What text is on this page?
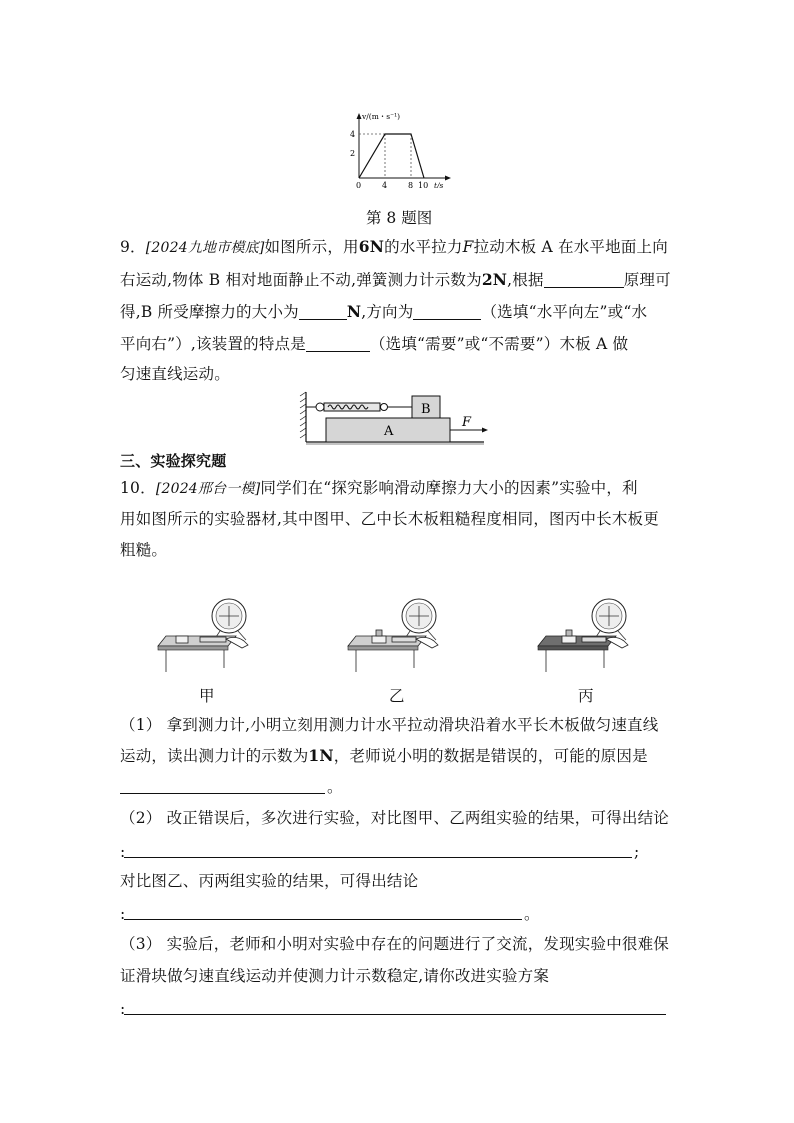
v/(m・s⁻¹)
4
2
0	4	8 10 t/s
第 8 题图
9．[2024九地市模底]如图所示，用6N的水平拉力F拉动木板 A 在水平地面上向
右运动,物体 B 相对地面静止不动,弹簧测力计示数为2N,根据	原理可
得,B 所受摩擦力的大小为	N,方向为	（选填“水平向左”或“水
平向右”）,该装置的特点是	（选填“需要”或“不需要”）木板 A 做
匀速直线运动。
B
A
F
三、实验探究题
10．[2024邢台一模]同学们在“探究影响滑动摩擦力大小的因素”实验中，利
用如图所示的实验器材,其中图甲、乙中长木板粗糙程度相同，图丙中长木板更
粗糙。
甲	乙	丙
（1） 拿到测力计,小明立刻用测力计水平拉动滑块沿着水平长木板做匀速直线
运动，读出测力计的示数为1N，老师说小明的数据是错误的，可能的原因是
。
（2） 改正错误后，多次进行实验，对比图甲、乙两组实验的结果，可得出结论
:	;
对比图乙、丙两组实验的结果，可得出结论
:	。
（3） 实验后，老师和小明对实验中存在的问题进行了交流，发现实验中很难保
证滑块做匀速直线运动并使测力计示数稳定,请你改进实验方案
:
